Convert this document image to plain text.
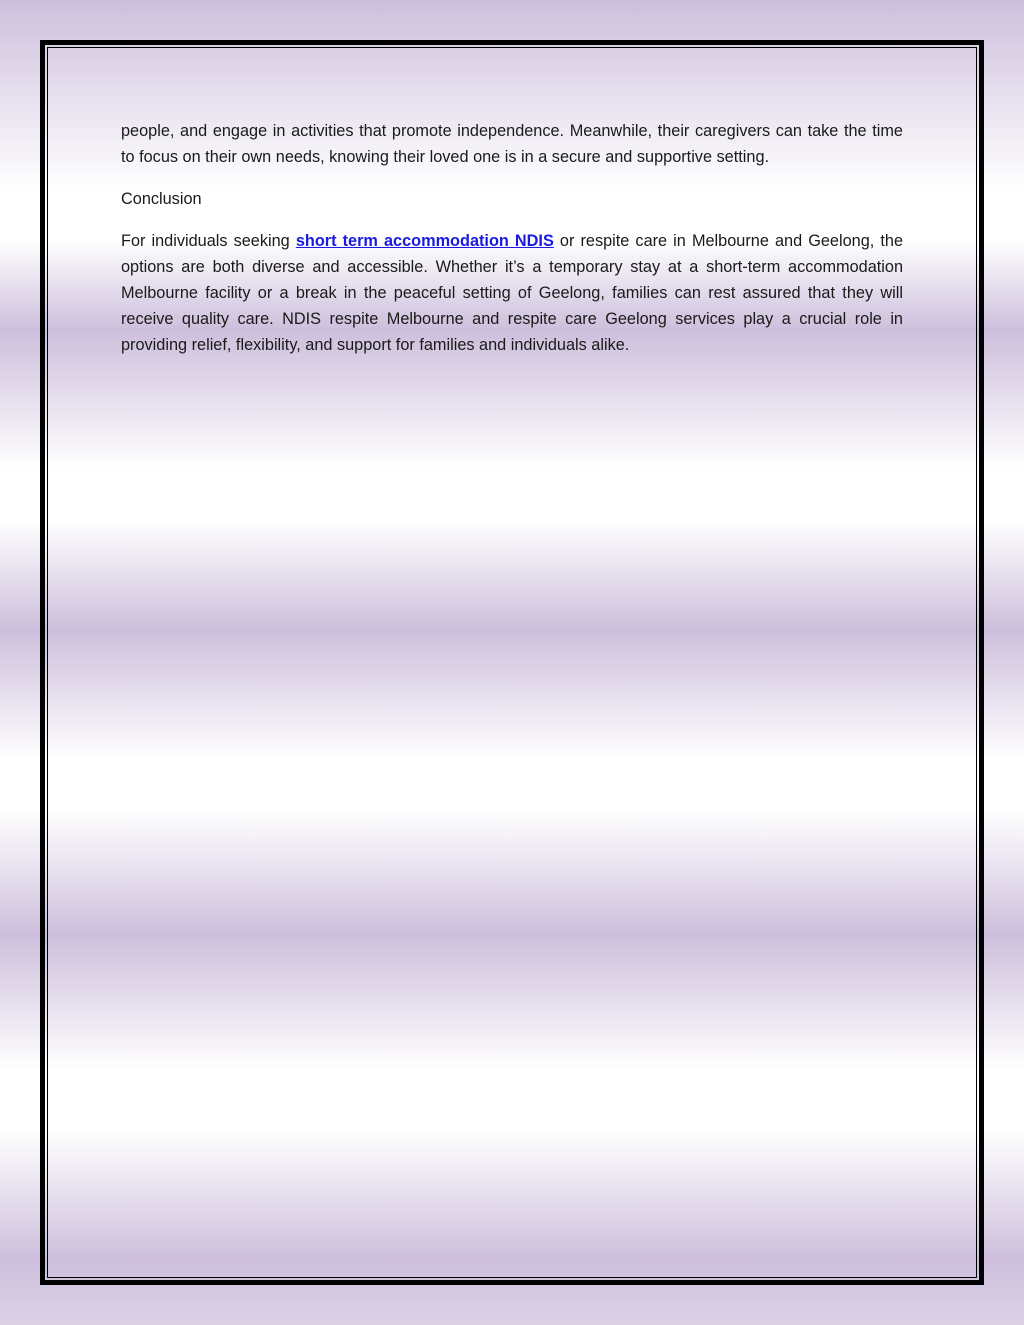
people, and engage in activities that promote independence. Meanwhile, their caregivers can take the time to focus on their own needs, knowing their loved one is in a secure and supportive setting.

Conclusion

For individuals seeking short term accommodation NDIS or respite care in Melbourne and Geelong, the options are both diverse and accessible. Whether it’s a temporary stay at a short-term accommodation Melbourne facility or a break in the peaceful setting of Geelong, families can rest assured that they will receive quality care. NDIS respite Melbourne and respite care Geelong services play a crucial role in providing relief, flexibility, and support for families and individuals alike.
